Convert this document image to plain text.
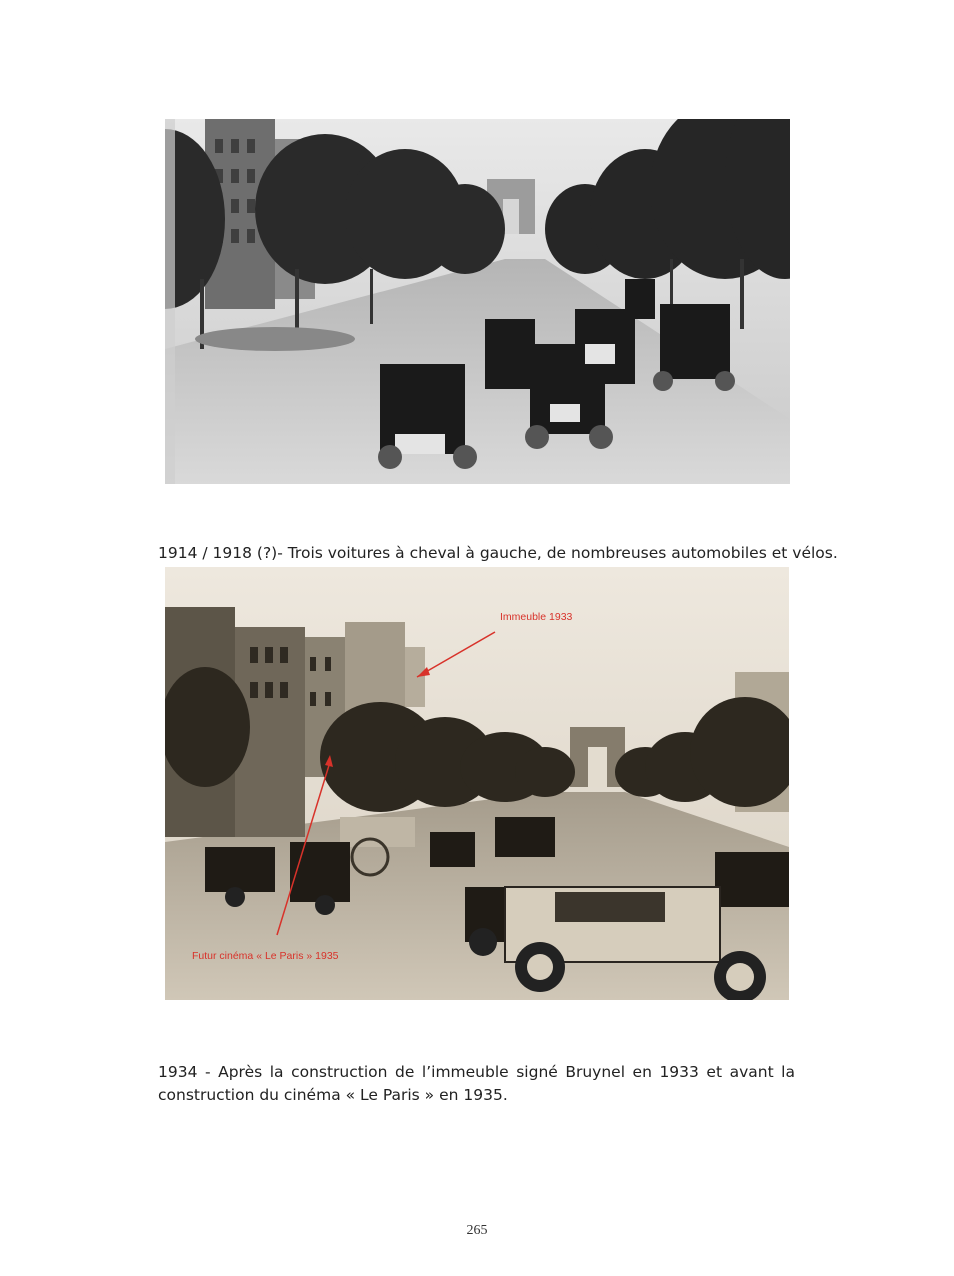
1914 / 1918 (?)- Trois voitures à cheval à gauche, de nombreuses automobiles et vélos.

Immeuble 1933
Futur cinéma « Le Paris » 1935

1934 - Après la construction de l’immeuble signé Bruynel en 1933 et avant la construction du cinéma « Le Paris » en 1935.

265
